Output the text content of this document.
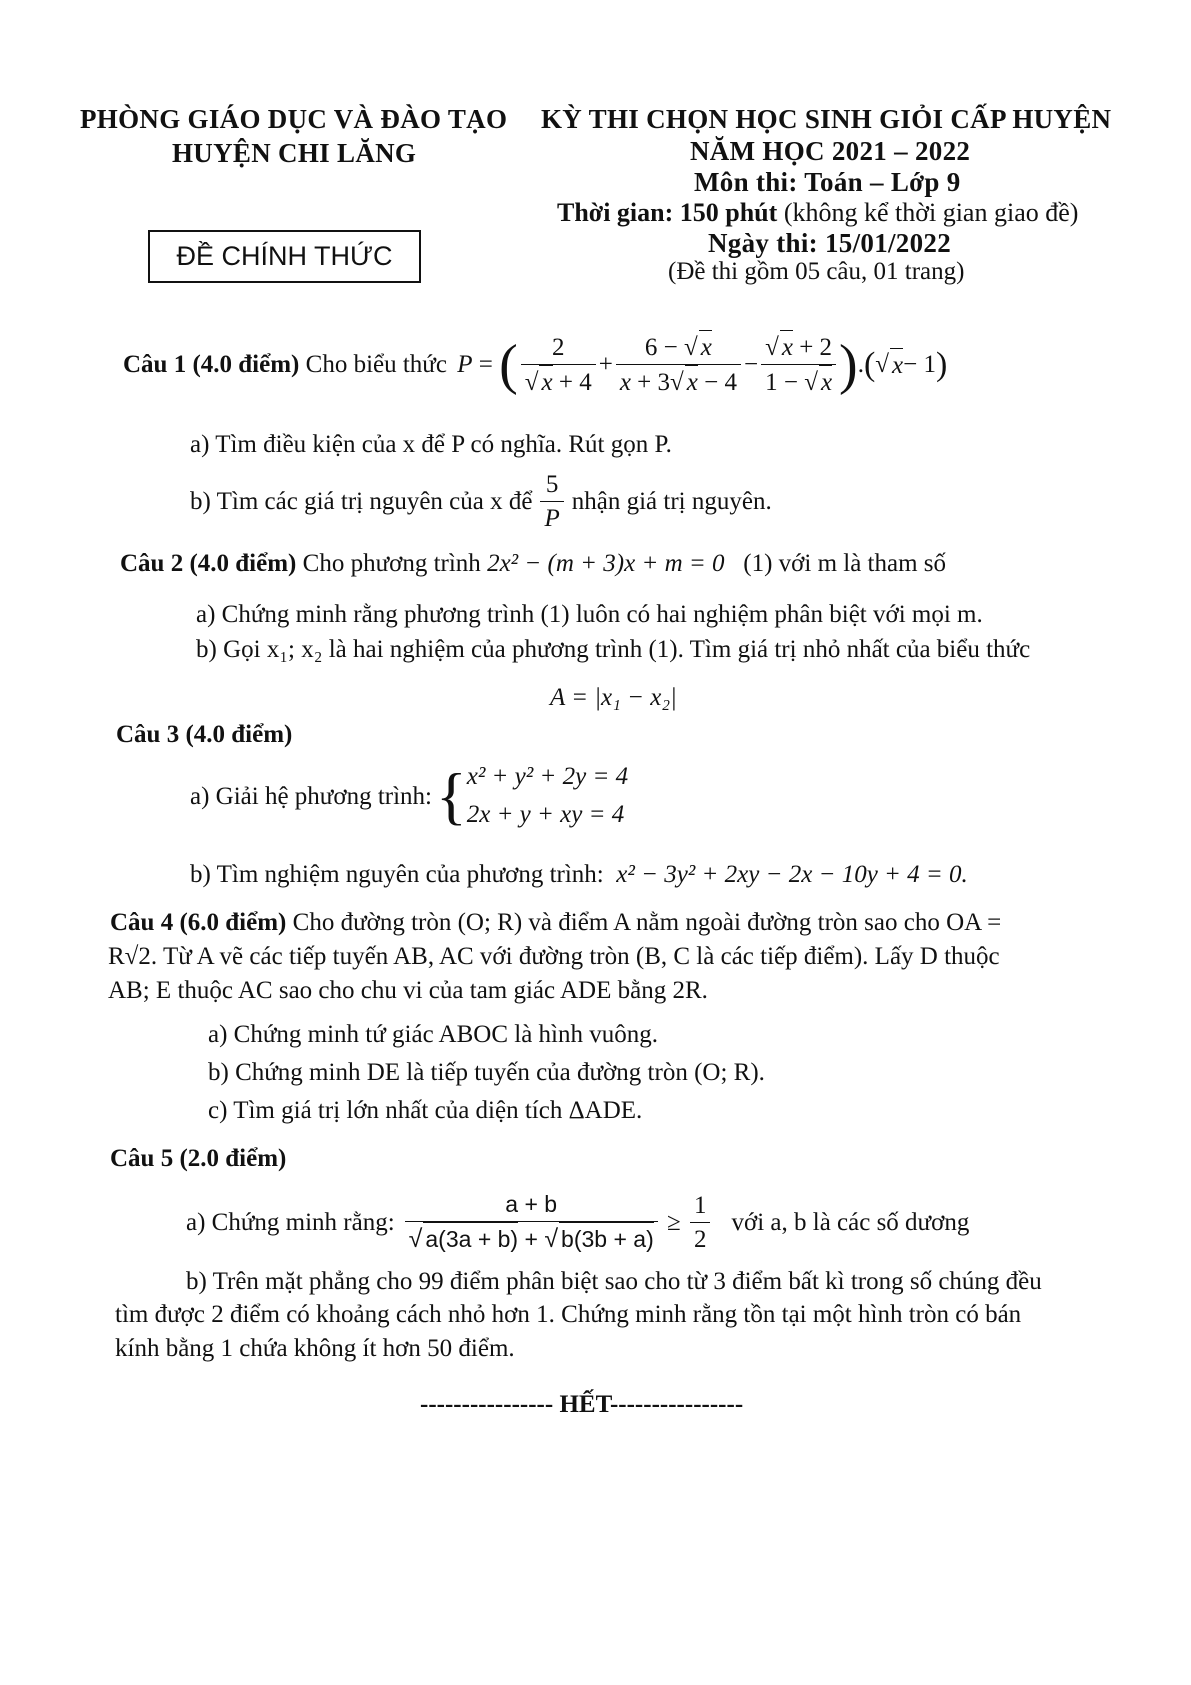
PHÒNG GIÁO DỤC VÀ ĐÀO TẠO
HUYỆN CHI LĂNG
ĐỀ CHÍNH THỨC
KỲ THI CHỌN HỌC SINH GIỎI CẤP HUYỆN
NĂM HỌC 2021 – 2022
Môn thi: Toán – Lớp 9
Thời gian: 150 phút (không kể thời gian giao đề)
Ngày thi: 15/01/2022
(Đề thi gồm 05 câu, 01 trang)
Câu 1 (4.0 điểm) Cho biểu thức P = ( $\frac{2}{√ x + 4} + \frac{6 - √ x}{x + 3√ x - 4} - \frac{√ x + 2}{1 - √ x}$ ) . ( √ x − 1 )
a) Tìm điều kiện của x để P có nghĩa. Rút gọn P.
b) Tìm các giá trị nguyên của x để $\frac{5}{P}$ nhận giá trị nguyên.
Câu 2 (4.0 điểm) Cho phương trình 2x² − (m + 3)x + m = 0 (1) với m là tham số
a) Chứng minh rằng phương trình (1) luôn có hai nghiệm phân biệt với mọi m.
b) Gọi x₁; x₂ là hai nghiệm của phương trình (1). Tìm giá trị nhỏ nhất của biểu thức
A = |x₁ − x₂|
Câu 3 (4.0 điểm)
a) Giải hệ phương trình: { x² + y² + 2y = 4
2x + y + xy = 4
b) Tìm nghiệm nguyên của phương trình: x² − 3y² + 2xy − 2x − 10y + 4 = 0.
Câu 4 (6.0 điểm) Cho đường tròn (O; R) và điểm A nằm ngoài đường tròn sao cho OA =
R√2. Từ A vẽ các tiếp tuyến AB, AC với đường tròn (B, C là các tiếp điểm). Lấy D thuộc
AB; E thuộc AC sao cho chu vi của tam giác ADE bằng 2R.
a) Chứng minh tứ giác ABOC là hình vuông.
b) Chứng minh DE là tiếp tuyến của đường tròn (O; R).
c) Tìm giá trị lớn nhất của diện tích ΔADE.
Câu 5 (2.0 điểm)
a) Chứng minh rằng: $\frac{a + b}{√ a(3a + b) + √ b(3b + a)} \ge \frac{1}{2}$ với a, b là các số dương
b) Trên mặt phẳng cho 99 điểm phân biệt sao cho từ 3 điểm bất kì trong số chúng đều
tìm được 2 điểm có khoảng cách nhỏ hơn 1. Chứng minh rằng tồn tại một hình tròn có bán
kính bằng 1 chứa không ít hơn 50 điểm.
---------------- HẾT----------------
